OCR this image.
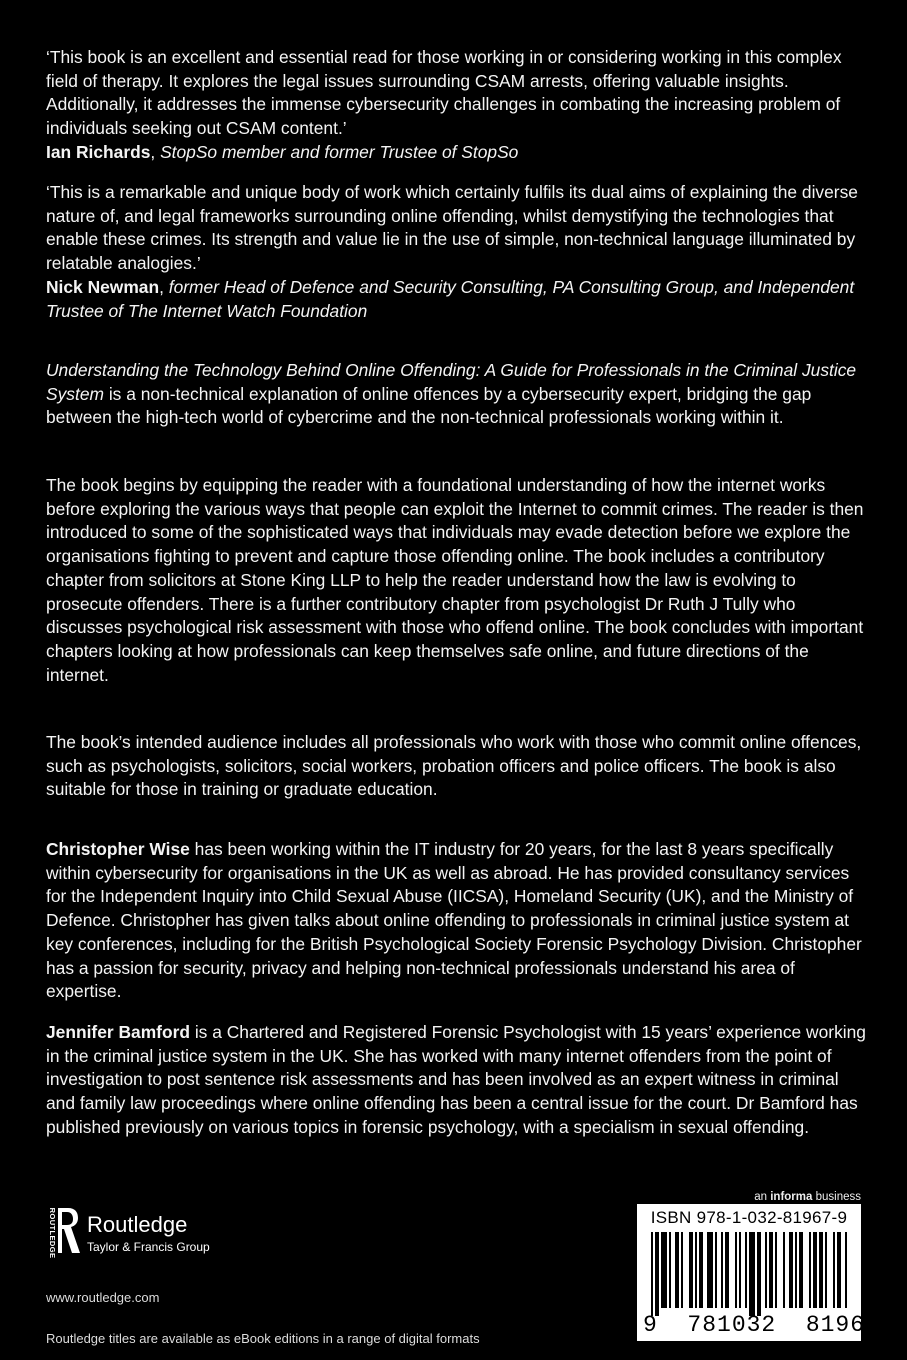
‘This book is an excellent and essential read for those working in or considering working in this complex field of therapy. It explores the legal issues surrounding CSAM arrests, offering valuable insights. Additionally, it addresses the immense cybersecurity challenges in combating the increasing problem of individuals seeking out CSAM content.’

Ian Richards, StopSo member and former Trustee of StopSo

‘This is a remarkable and unique body of work which certainly fulfils its dual aims of explaining the diverse nature of, and legal frameworks surrounding online offending, whilst demystifying the technologies that enable these crimes. Its strength and value lie in the use of simple, non-technical language illuminated by relatable analogies.’

Nick Newman, former Head of Defence and Security Consulting, PA Consulting Group, and Independent Trustee of The Internet Watch Foundation

Understanding the Technology Behind Online Offending: A Guide for Professionals in the Criminal Justice System is a non-technical explanation of online offences by a cybersecurity expert, bridging the gap between the high-tech world of cybercrime and the non-technical professionals working within it.

The book begins by equipping the reader with a foundational understanding of how the internet works before exploring the various ways that people can exploit the Internet to commit crimes. The reader is then introduced to some of the sophisticated ways that individuals may evade detection before we explore the organisations fighting to prevent and capture those offending online. The book includes a contributory chapter from solicitors at Stone King LLP to help the reader understand how the law is evolving to prosecute offenders. There is a further contributory chapter from psychologist Dr Ruth J Tully who discusses psychological risk assessment with those who offend online. The book concludes with important chapters looking at how professionals can keep themselves safe online, and future directions of the internet.

The book’s intended audience includes all professionals who work with those who commit online offences, such as psychologists, solicitors, social workers, probation officers and police officers. The book is also suitable for those in training or graduate education.

Christopher Wise has been working within the IT industry for 20 years, for the last 8 years specifically within cybersecurity for organisations in the UK as well as abroad. He has provided consultancy services for the Independent Inquiry into Child Sexual Abuse (IICSA), Homeland Security (UK), and the Ministry of Defence. Christopher has given talks about online offending to professionals in criminal justice system at key conferences, including for the British Psychological Society Forensic Psychology Division. Christopher has a passion for security, privacy and helping non-technical professionals understand his area of expertise.

Jennifer Bamford is a Chartered and Registered Forensic Psychologist with 15 years’ experience working in the criminal justice system in the UK. She has worked with many internet offenders from the point of investigation to post sentence risk assessments and has been involved as an expert witness in criminal and family law proceedings where online offending has been a central issue for the court. Dr Bamford has published previously on various topics in forensic psychology, with a specialism in sexual offending.

ROUTLEDGE Routledge
Taylor & Francis Group
www.routledge.com
Routledge titles are available as eBook editions in a range of digital formats
an informa business
ISBN 978-1-032-81967-9
9  781032  819679
